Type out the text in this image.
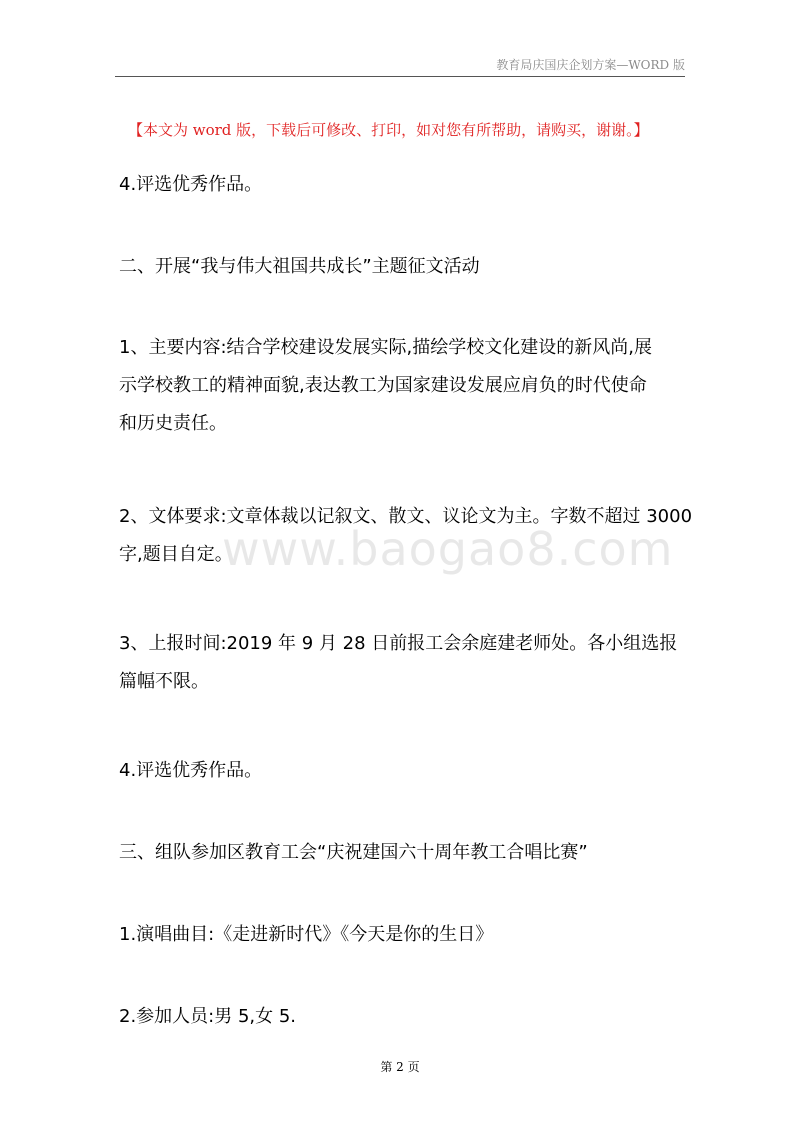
教育局庆国庆企划方案—WORD 版
【本文为 word 版，下载后可修改、打印，如对您有所帮助，请购买，谢谢。】
www.baogao8.com
4.评选优秀作品。
二、开展“我与伟大祖国共成长”主题征文活动
1、主要内容:结合学校建设发展实际,描绘学校文化建设的新风尚,展
示学校教工的精神面貌,表达教工为国家建设发展应肩负的时代使命
和历史责任。
2、文体要求:文章体裁以记叙文、散文、议论文为主。字数不超过 3000
字,题目自定。
3、上报时间:2019 年 9 月 28 日前报工会余庭建老师处。各小组选报
篇幅不限。
4.评选优秀作品。
三、组队参加区教育工会“庆祝建国六十周年教工合唱比赛”
1.演唱曲目:《走进新时代》《今天是你的生日》
2.参加人员:男 5,女 5.
第 2 页
